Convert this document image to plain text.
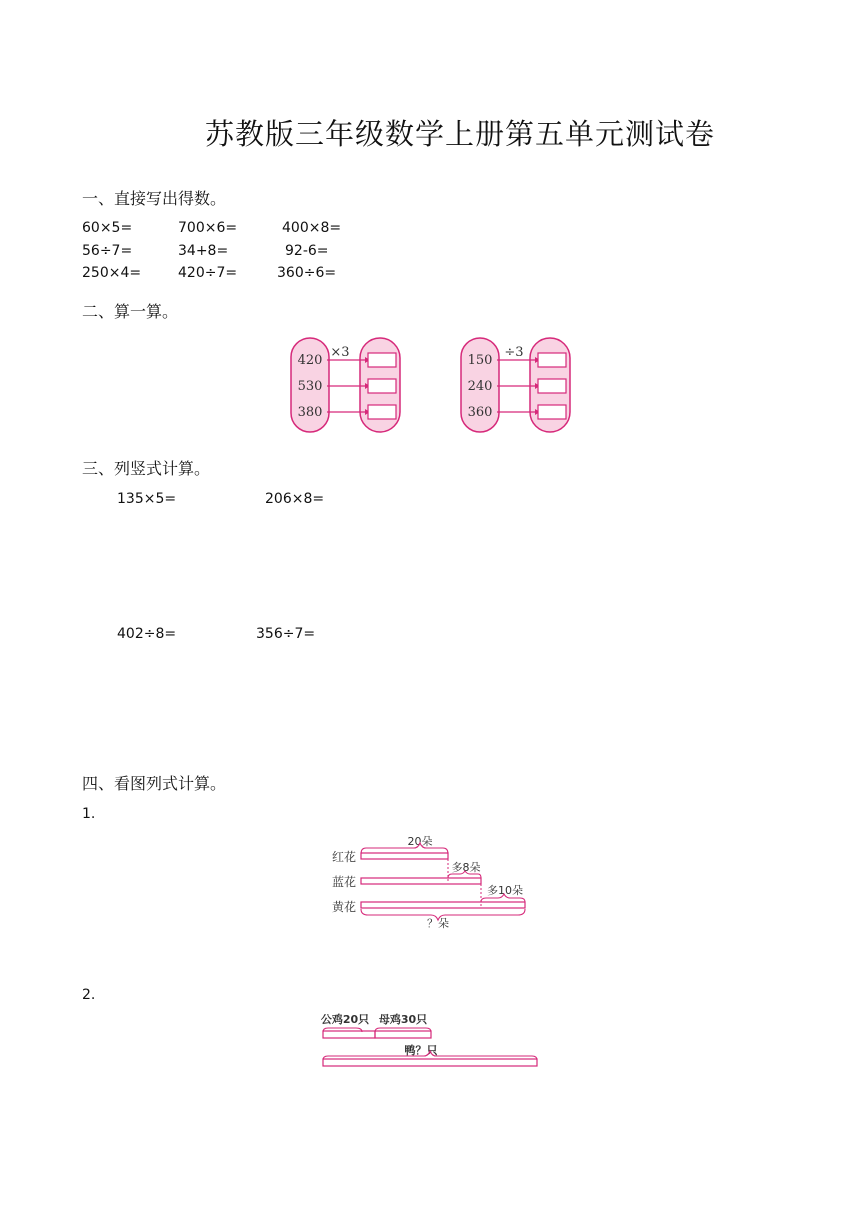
苏教版三年级数学上册第五单元测试卷
一、直接写出得数。
60×5=	700×6=	400×8=
56÷7=	34+8=	92-6=
250×4=	420÷7=	360÷6=
二、算一算。
×3
420
530
380
÷3
150
240
360
三、列竖式计算。
135×5=	206×8=
402÷8=	356÷7=
四、看图列式计算。
1.
20朵
红花
多8朵
蓝花
多10朵
黄花
？朵
2.
公鸡20只 母鸡30只
鸭？只
